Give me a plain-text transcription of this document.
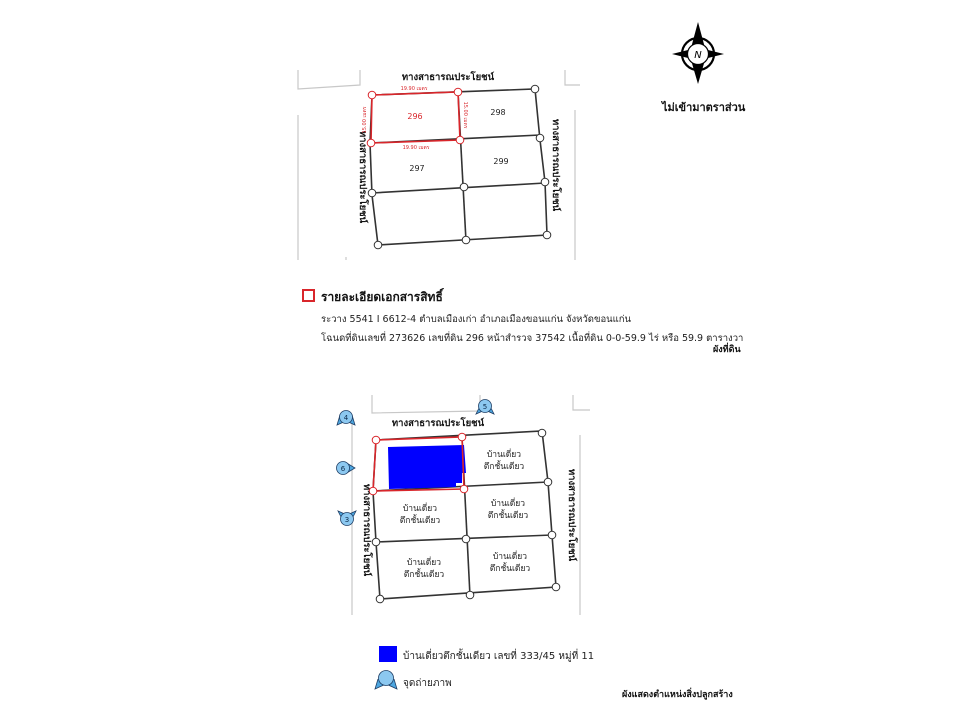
N
ไม่เข้ามาตราส่วน
ทางสาธารณประโยชน์
ทางสาธารณประโยชน์	ทางสาธารณประโยชน์
296	298
297
299
19.90 เมตร
19.90 เมตร
15.00 เมตร	15.00 เมตร
รายละเอียดเอกสารสิทธิ์
ระวาง 5541 I 6612-4 ตำบลเมืองเก่า อำเภอเมืองขอนแก่น จังหวัดขอนแก่น
โฉนดที่ดินเลขที่ 273626 เลขที่ดิน 296 หน้าสำรวจ 37542 เนื้อที่ดิน 0-0-59.9 ไร่ หรือ 59.9 ตารางวา
ผังที่ดิน
ทางสาธารณประโยชน์
ทางสาธารณประโยชน์	ทางสาธารณประโยชน์
บ้านเดี่ยว
ตึกชั้นเดียว
บ้านเดี่ยว
ตึกชั้นเดียว
บ้านเดี่ยว
ตึกชั้นเดียว
บ้านเดี่ยว
ตึกชั้นเดียว
บ้านเดี่ยว
ตึกชั้นเดียว
4
5
6
3
บ้านเดี่ยวตึกชั้นเดียว เลขที่ 333/45 หมู่ที่ 11
จุดถ่ายภาพ
ผังแสดงตำแหน่งสิ่งปลูกสร้าง
